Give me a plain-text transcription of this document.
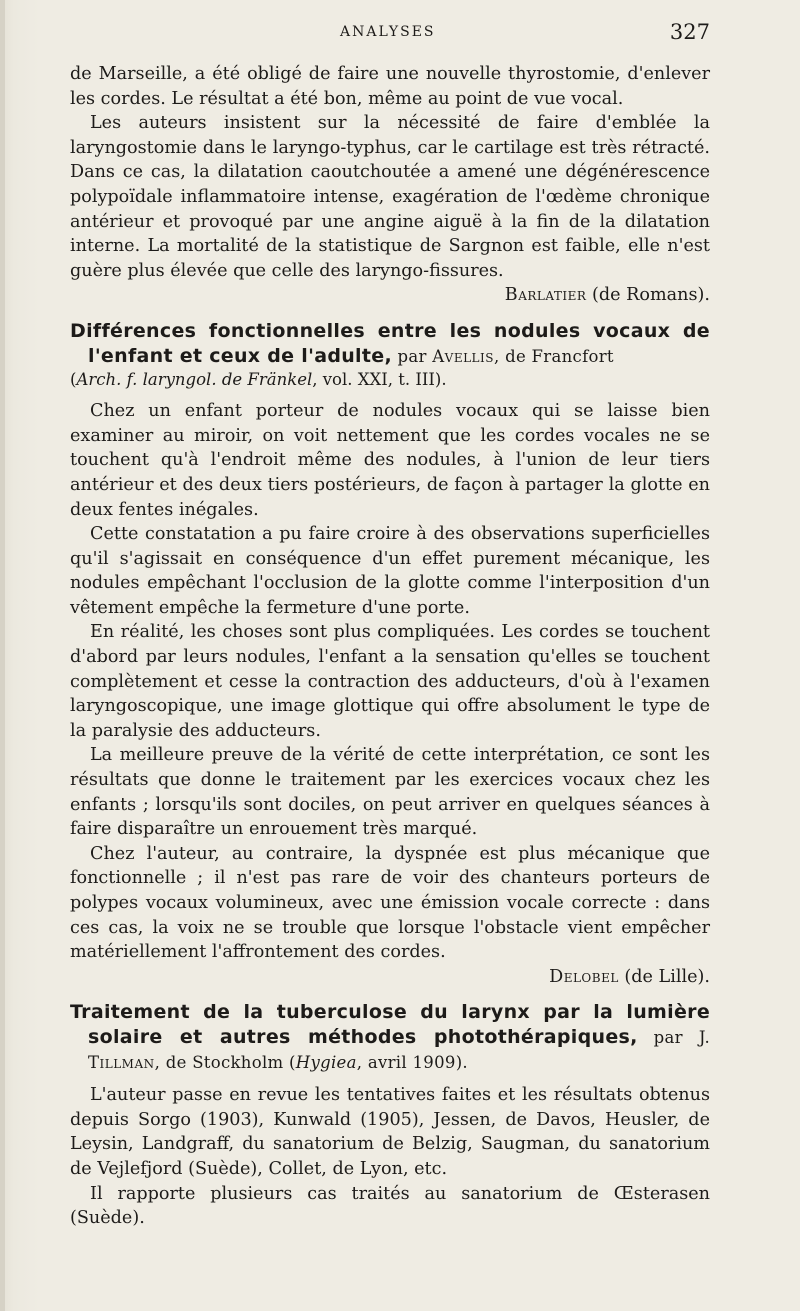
ANALYSES	327

de Marseille, a été obligé de faire une nouvelle thyrostomie, d'enlever les cordes. Le résultat a été bon, même au point de vue vocal.

Les auteurs insistent sur la nécessité de faire d'emblée la laryngostomie dans le laryngo-typhus, car le cartilage est très rétracté. Dans ce cas, la dilatation caoutchoutée a amené une dégénérescence polypoïdale inflammatoire intense, exagération de l'œdème chronique antérieur et provoqué par une angine aiguë à la fin de la dilatation interne. La mortalité de la statistique de Sargnon est faible, elle n'est guère plus élevée que celle des laryngo-fissures.

Barlatier (de Romans).

Différences fonctionnelles entre les nodules vocaux de l'enfant et ceux de l'adulte, par Avellis, de Francfort
(Arch. f. laryngol. de Fränkel, vol. XXI, t. III).

Chez un enfant porteur de nodules vocaux qui se laisse bien examiner au miroir, on voit nettement que les cordes vocales ne se touchent qu'à l'endroit même des nodules, à l'union de leur tiers antérieur et des deux tiers postérieurs, de façon à partager la glotte en deux fentes inégales.

Cette constatation a pu faire croire à des observations superficielles qu'il s'agissait en conséquence d'un effet purement mécanique, les nodules empêchant l'occlusion de la glotte comme l'interposition d'un vêtement empêche la fermeture d'une porte.

En réalité, les choses sont plus compliquées. Les cordes se touchent d'abord par leurs nodules, l'enfant a la sensation qu'elles se touchent complètement et cesse la contraction des adducteurs, d'où à l'examen laryngoscopique, une image glottique qui offre absolument le type de la paralysie des adducteurs.

La meilleure preuve de la vérité de cette interprétation, ce sont les résultats que donne le traitement par les exercices vocaux chez les enfants ; lorsqu'ils sont dociles, on peut arriver en quelques séances à faire disparaître un enrouement très marqué.

Chez l'auteur, au contraire, la dyspnée est plus mécanique que fonctionnelle ; il n'est pas rare de voir des chanteurs porteurs de polypes vocaux volumineux, avec une émission vocale correcte : dans ces cas, la voix ne se trouble que lorsque l'obstacle vient empêcher matériellement l'affrontement des cordes.

Delobel (de Lille).

Traitement de la tuberculose du larynx par la lumière solaire et autres méthodes photothérapiques, par J. Tillman, de Stockholm (Hygiea, avril 1909).

L'auteur passe en revue les tentatives faites et les résultats obtenus depuis Sorgo (1903), Kunwald (1905), Jessen, de Davos, Heusler, de Leysin, Landgraff, du sanatorium de Belzig, Saugman, du sanatorium de Vejlefjord (Suède), Collet, de Lyon, etc.

Il rapporte plusieurs cas traités au sanatorium de Œsterasen (Suède).
